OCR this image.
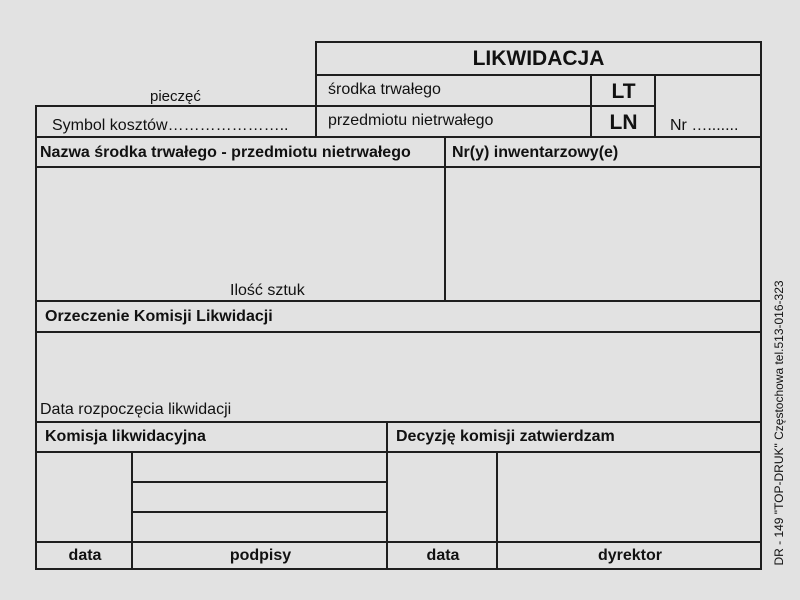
LIKWIDACJA
pieczęć
Symbol kosztów…………………..
środka trwałego	LT
przedmiotu nietrwałego	LN	Nr ….......
Nazwa środka trwałego - przedmiotu nietrwałego	Nr(y) inwentarzowy(e)
Ilość sztuk
Orzeczenie Komisji Likwidacji
Data rozpoczęcia likwidacji
Komisja likwidacyjna	Decyzję komisji zatwierdzam
data	podpisy	data	dyrektor	DR - 149 "TOP-DRUK" Częstochowa tel.513-016-323
